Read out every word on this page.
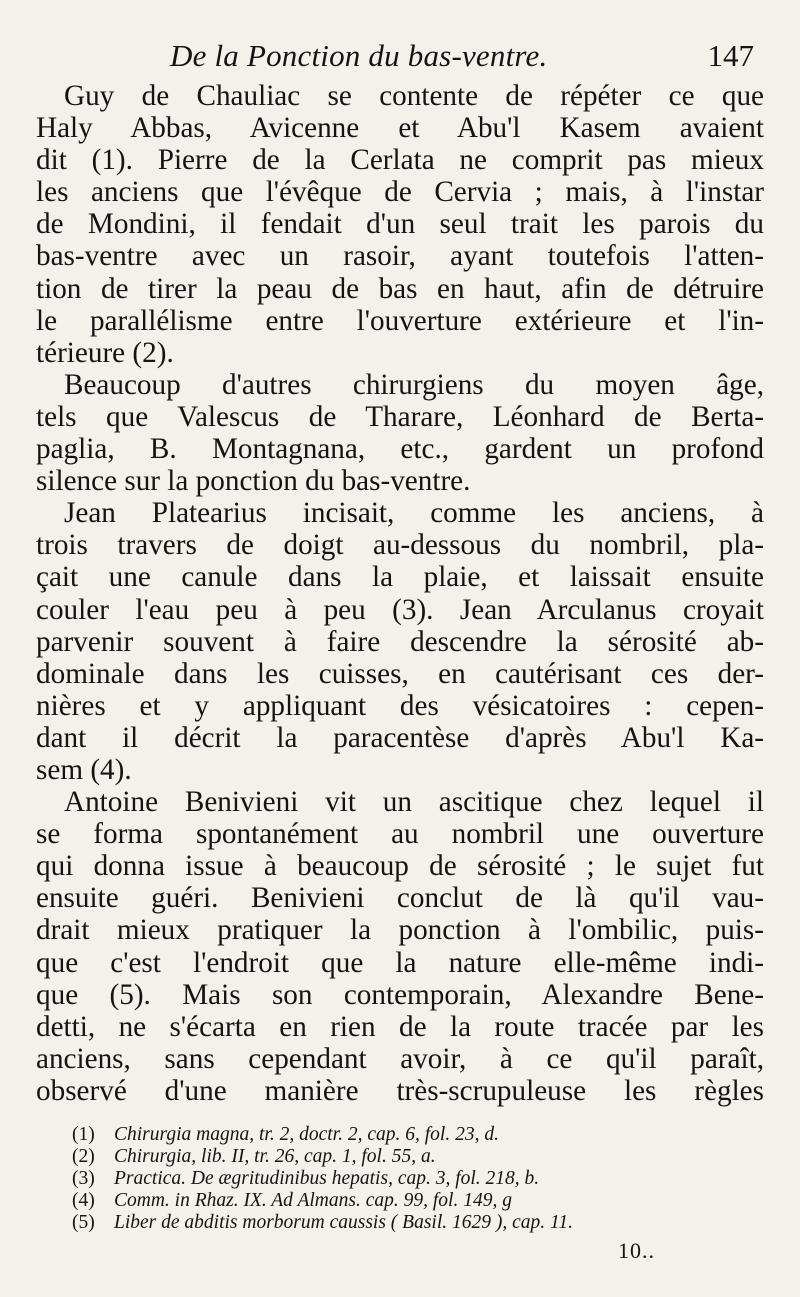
De la Ponction du bas-ventre.	147
Guy de Chauliac se contente de répéter ce que
Haly Abbas, Avicenne et Abu'l Kasem avaient
dit (1). Pierre de la Cerlata ne comprit pas mieux
les anciens que l'évêque de Cervia ; mais, à l'instar
de Mondini, il fendait d'un seul trait les parois du
bas-ventre avec un rasoir, ayant toutefois l'atten-
tion de tirer la peau de bas en haut, afin de détruire
le parallélisme entre l'ouverture extérieure et l'in-
térieure (2).
Beaucoup d'autres chirurgiens du moyen âge,
tels que Valescus de Tharare, Léonhard de Berta-
paglia, B. Montagnana, etc., gardent un profond
silence sur la ponction du bas-ventre.
Jean Platearius incisait, comme les anciens, à
trois travers de doigt au-dessous du nombril, pla-
çait une canule dans la plaie, et laissait ensuite
couler l'eau peu à peu (3). Jean Arculanus croyait
parvenir souvent à faire descendre la sérosité ab-
dominale dans les cuisses, en cautérisant ces der-
nières et y appliquant des vésicatoires : cepen-
dant il décrit la paracentèse d'après Abu'l Ka-
sem (4).
Antoine Benivieni vit un ascitique chez lequel il
se forma spontanément au nombril une ouverture
qui donna issue à beaucoup de sérosité ; le sujet fut
ensuite guéri. Benivieni conclut de là qu'il vau-
drait mieux pratiquer la ponction à l'ombilic, puis-
que c'est l'endroit que la nature elle-même indi-
que (5). Mais son contemporain, Alexandre Bene-
detti, ne s'écarta en rien de la route tracée par les
anciens, sans cependant avoir, à ce qu'il paraît,
observé d'une manière très-scrupuleuse les règles
(1) Chirurgia magna, tr. 2, doctr. 2, cap. 6, fol. 23, d.
(2) Chirurgia, lib. II, tr. 26, cap. 1, fol. 55, a.
(3) Practica. De ægritudinibus hepatis, cap. 3, fol. 218, b.
(4) Comm. in Rhaz. IX. Ad Almans. cap. 99, fol. 149, g
(5) Liber de abditis morborum caussis ( Basil. 1629 ), cap. 11.
10..
